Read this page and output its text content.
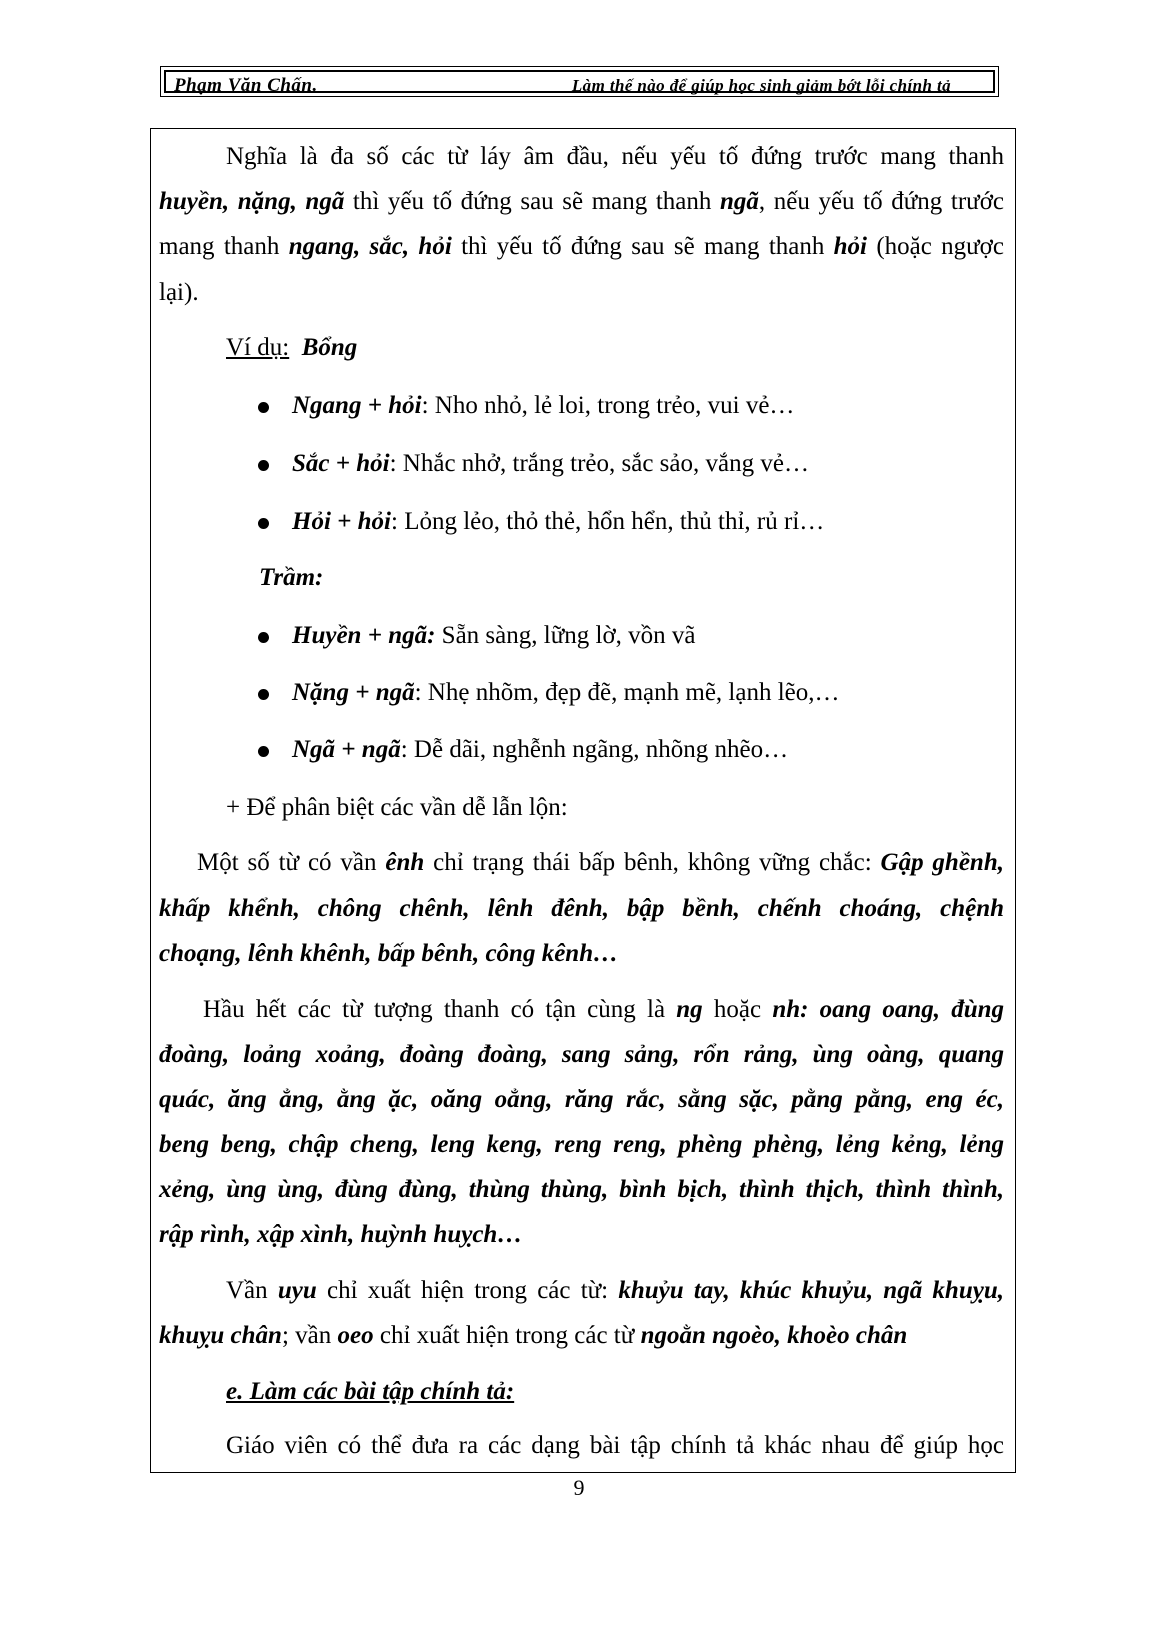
Phạm Văn Chấn.	Làm thế nào để giúp học sinh giảm bớt lỗi chính tả
Nghĩa là đa số các từ láy âm đầu, nếu yếu tố đứng trước mang thanh
huyền, nặng, ngã thì yếu tố đứng sau sẽ mang thanh ngã, nếu yếu tố đứng trước
mang thanh ngang, sắc, hỏi thì yếu tố đứng sau sẽ mang thanh hỏi (hoặc ngược
lại).
Ví dụ: Bổng
Ngang + hỏi: Nho nhỏ, lẻ loi, trong trẻo, vui vẻ…
Sắc + hỏi: Nhắc nhở, trắng trẻo, sắc sảo, vắng vẻ…
Hỏi + hỏi: Lỏng lẻo, thỏ thẻ, hổn hển, thủ thỉ, rủ rỉ…
Trầm:
Huyền + ngã: Sẵn sàng, lững lờ, vồn vã
Nặng + ngã: Nhẹ nhõm, đẹp đẽ, mạnh mẽ, lạnh lẽo,…
Ngã + ngã: Dễ dãi, nghễnh ngãng, nhõng nhẽo…
+ Để phân biệt các vần dễ lẫn lộn:
Một số từ có vần ênh chỉ trạng thái bấp bênh, không vững chắc: Gập ghềnh,
khấp khểnh, chông chênh, lênh đênh, bập bềnh, chếnh choáng, chệnh
choạng, lênh khênh, bấp bênh, công kênh…
Hầu hết các từ tượng thanh có tận cùng là ng hoặc nh: oang oang, đùng
đoàng, loảng xoảng, đoàng đoàng, sang sảng, rổn rảng, ùng oàng, quang
quác, ăng ẳng, ằng ặc, oăng oẳng, răng rắc, sằng sặc, pằng pằng, eng éc,
beng beng, chập cheng, leng keng, reng reng, phèng phèng, lẻng kẻng, lẻng
xẻng, ùng ùng, đùng đùng, thùng thùng, bình bịch, thình thịch, thình thình,
rập rình, xập xình, huỳnh huỵch…
Vần uyu chỉ xuất hiện trong các từ: khuỷu tay, khúc khuỷu, ngã khuỵu,
khuỵu chân; vần oeo chỉ xuất hiện trong các từ ngoằn ngoèo, khoèo chân
e. Làm các bài tập chính tả:
Giáo viên có thể đưa ra các dạng bài tập chính tả khác nhau để giúp học
9
